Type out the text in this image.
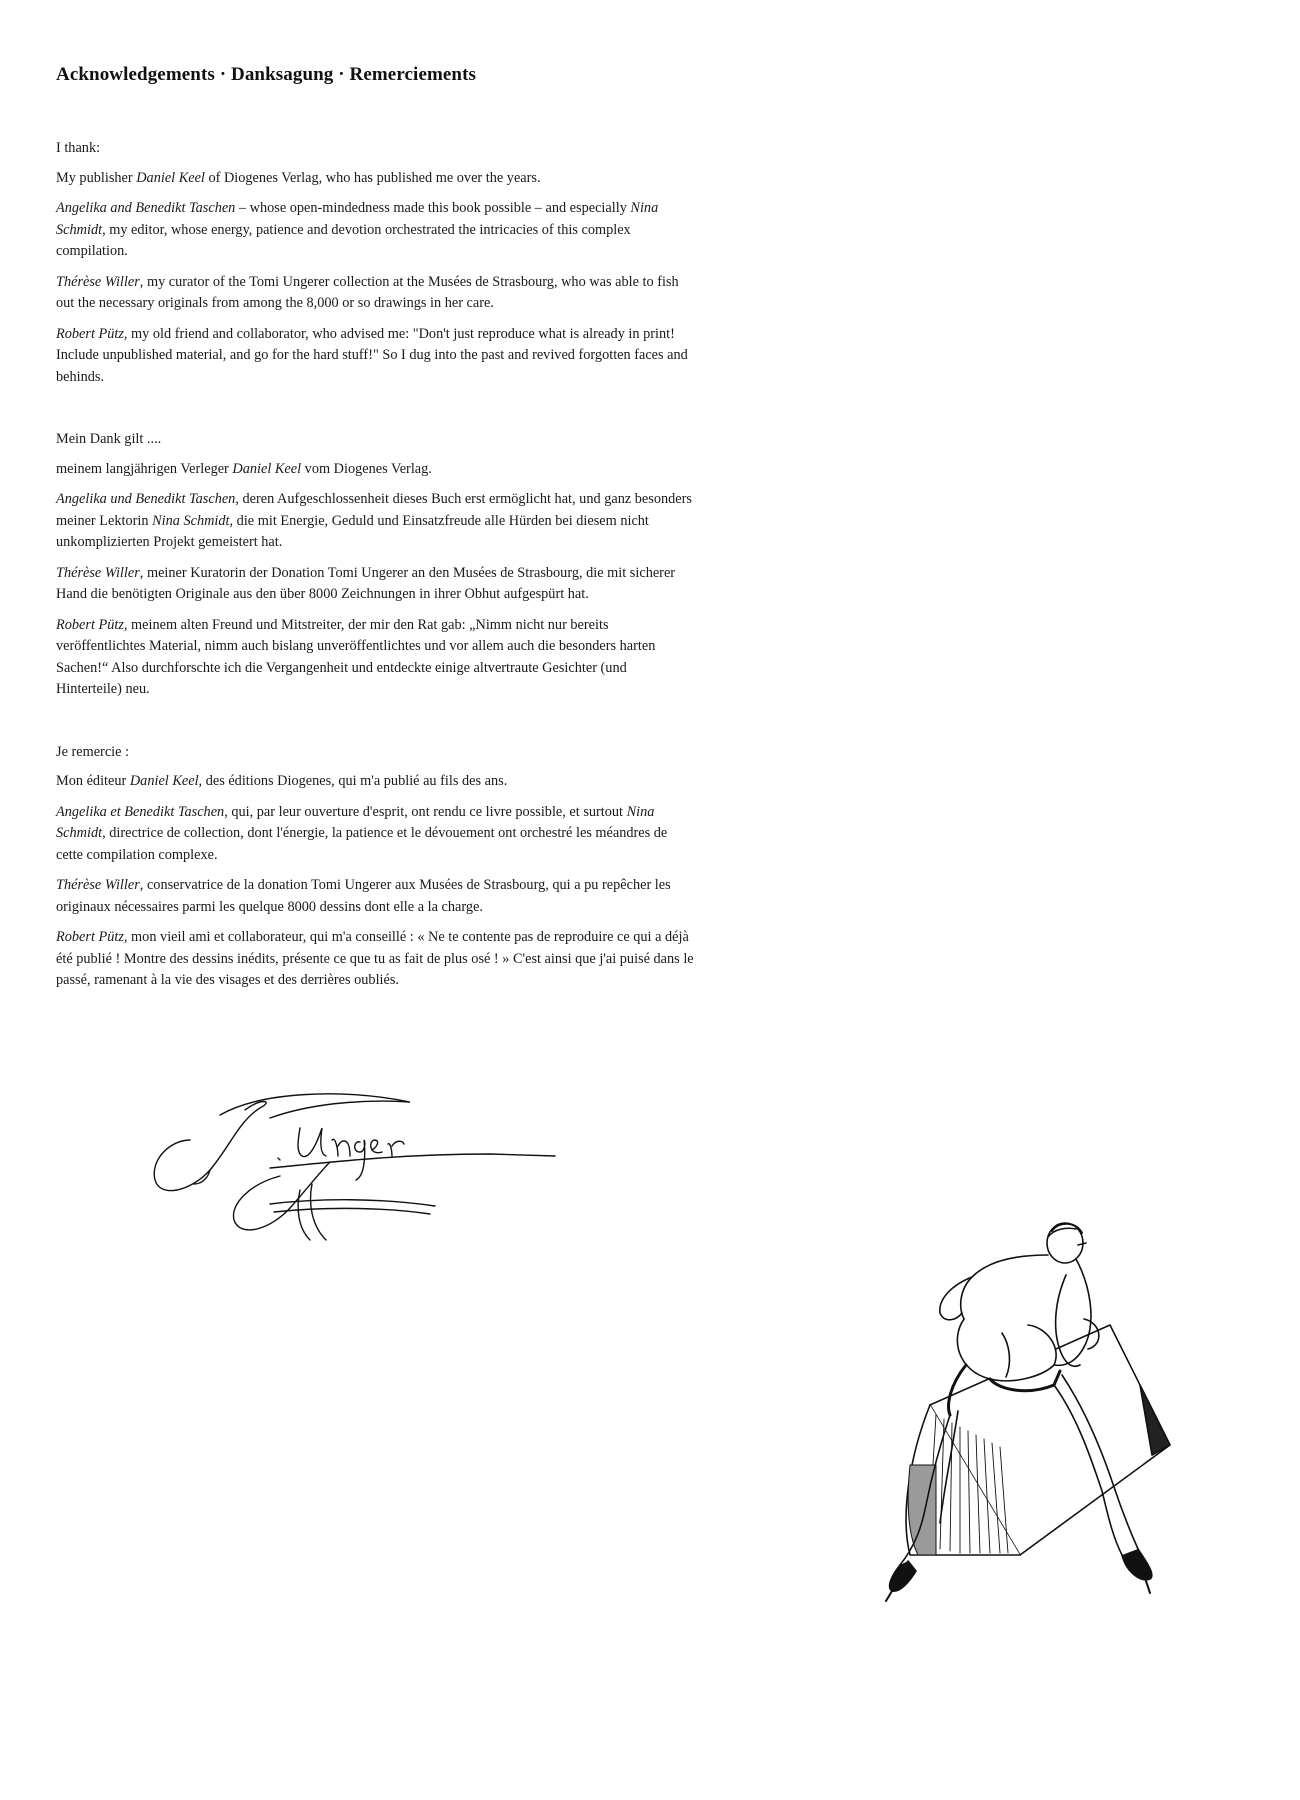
Acknowledgements · Danksagung · Remerciements

I thank:

My publisher Daniel Keel of Diogenes Verlag, who has published me over the years.

Angelika and Benedikt Taschen – whose open-mindedness made this book possible – and especially Nina Schmidt, my editor, whose energy, patience and devotion orchestrated the intricacies of this complex compilation.

Thérèse Willer, my curator of the Tomi Ungerer collection at the Musées de Strasbourg, who was able to fish out the necessary originals from among the 8,000 or so drawings in her care.

Robert Pütz, my old friend and collaborator, who advised me: "Don't just reproduce what is already in print! Include unpublished material, and go for the hard stuff!" So I dug into the past and revived forgotten faces and behinds.

Mein Dank gilt ....

meinem langjährigen Verleger Daniel Keel vom Diogenes Verlag.

Angelika und Benedikt Taschen, deren Aufgeschlossenheit dieses Buch erst ermöglicht hat, und ganz besonders meiner Lektorin Nina Schmidt, die mit Energie, Geduld und Einsatzfreude alle Hürden bei diesem nicht unkomplizierten Projekt gemeistert hat.

Thérèse Willer, meiner Kuratorin der Donation Tomi Ungerer an den Musées de Strasbourg, die mit sicherer Hand die benötigten Originale aus den über 8000 Zeichnungen in ihrer Obhut aufgespürt hat.

Robert Pütz, meinem alten Freund und Mitstreiter, der mir den Rat gab: „Nimm nicht nur bereits veröffentlichtes Material, nimm auch bislang unveröffentlichtes und vor allem auch die besonders harten Sachen!“ Also durchforschte ich die Vergangenheit und entdeckte einige altvertraute Gesichter (und Hinterteile) neu.

Je remercie :

Mon éditeur Daniel Keel, des éditions Diogenes, qui m'a publié au fils des ans.

Angelika et Benedikt Taschen, qui, par leur ouverture d'esprit, ont rendu ce livre possible, et surtout Nina Schmidt, directrice de collection, dont l'énergie, la patience et le dévouement ont orchestré les méandres de cette compilation complexe.

Thérèse Willer, conservatrice de la donation Tomi Ungerer aux Musées de Strasbourg, qui a pu repêcher les originaux nécessaires parmi les quelque 8000 dessins dont elle a la charge.

Robert Pütz, mon vieil ami et collaborateur, qui m'a conseillé : « Ne te contente pas de reproduire ce qui a déjà été publié ! Montre des dessins inédits, présente ce que tu as fait de plus osé ! » C'est ainsi que j'ai puisé dans le passé, ramenant à la vie des visages et des derrières oubliés.
